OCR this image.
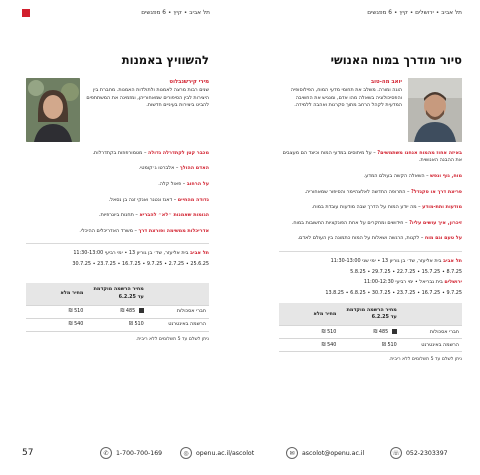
תל אביב ∙ קיץ ∙ 6 מפגשים	תל אביב ∙ ירושלים ∙ קיץ ∙ 6 מפגשים
סיור מודרך במוח האנושי
יואב מה-טוב
הוגה ומורה. משלב את תחומי מדעי המוח, הפילוסופיה והפסיכולוגיה בשאלה מהו אדם, ומנגיש את החשיבה המדעית לקהל הרחב מתוך סקרנות ואהבה ללמידה.
באיזה אחוז מהמוח אנחנו משתמשים? – על מיתוסים במדעי המוח וכיצד הם מעצבים את ההבנה האנושית.
מוח, גוף ונפש – השאלה הקשה בעולם המדע.
פריצת דרך או סקנדל? – התרופה החדשה לאלצהיימר והסיפור שמאחוריה.
מודעות ותת-מודע – מה יודע המוח על הדרך שבה מודעות עובדת במוח.
זיכרון, איך עושים עליו? – חידושים ומחקרים על אחת הפונקציות החשובות במוח.
על טעם וגם מוח – לקנות, הרגשה ושאלות על המוח כתמונה בין העולם לאדם.
תל אביב בית אליעזר, שד׳ בן גוריון 13 ∙ ימי שני 11:30-13:00
8.7.25 ∙ 15.7.25 ∙ 22.7.25 ∙ 29.7.25 ∙ 5.8.25
ירושלים בית גבריאל ∙ ימי רביעי 11:00-12:30
9.7.25 ∙ 16.7.25 ∙ 23.7.25 ∙ 30.7.25 ∙ 6.8.25 ∙ 13.8.25
	מחיר הרשמה מוקדמת עד 6.2.25	מחיר מלא
חברי אסכולות	485 ₪	510 ₪
הרשמה באינטרנט	510 ₪	540 ₪
ניתן לשלם עד 5 תשלומים ללא ריבית.
להשוויץ באמנות
מירי קירשנבלוט
שנים רבות מרצה לאמנות ולתולדות האמנות. מחברת בין היצירות לבין הסיפורים שמאחוריהן, ומזמינה את המשתתפים להביט ביצירות בעיניים חדשות.
מכבר קטן לקתדרלה גדולה – מטמורפוזות בקתדרלות.
האדם ההולך – אלברטו ג׳קומטי.
על הרחוב – פאול קלה.
נדודה מהחיים – דאנז ונטנר ואנקי זגה בן נסאל.
הגומות שאמנות ״לא״ להבריא – תחנות ביוגרפיות.
אדריכלות ממשימה ופורצת דרך – משרד האדריכלים ההיכלי.
תל אביב בית אליעזר, שד׳ בן גוריון 13 ∙ ימי רביעי 11:30-13:00
25.6.25 ∙ 2.7.25 ∙ 9.7.25 ∙ 16.7.25 ∙ 23.7.25 ∙ 30.7.25
	מחיר הרשמה מוקדמת עד 6.2.25	מחיר מלא
חברי אסכולות	485 ₪	510 ₪
הרשמה באינטרנט	510 ₪	540 ₪
ניתן לשלם עד 5 תשלומים ללא ריבית.
57	✆	1-700-700-169	◎	openu.ac.il/ascolot	✉	ascolot@openu.ac.il	☏	052-2303397
